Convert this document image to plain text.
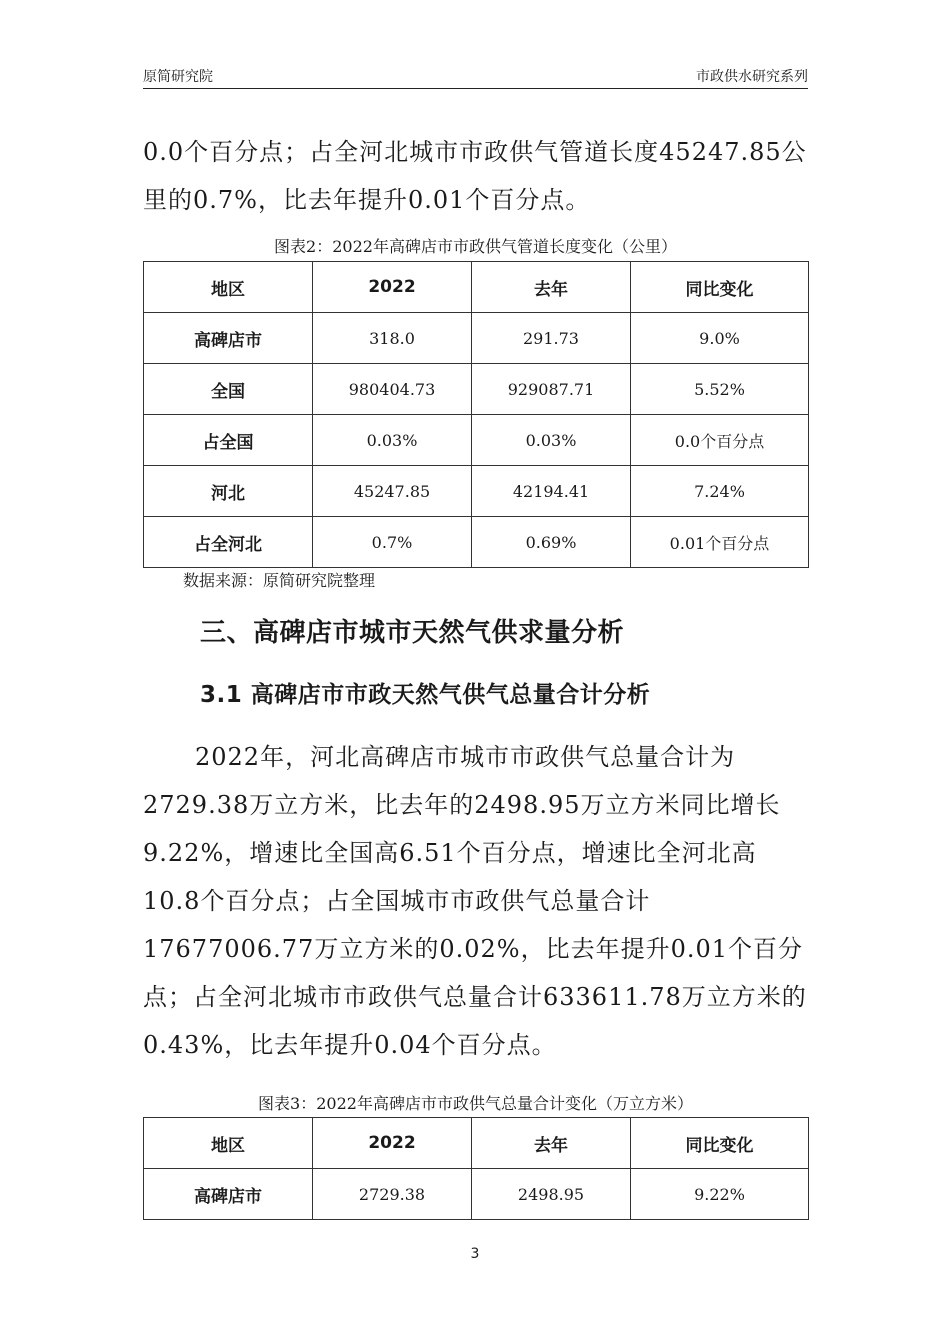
原简研究院	市政供水研究系列

0.0个百分点；占全河北城市市政供气管道长度45247.85公里的0.7%，比去年提升0.01个百分点。

图表2：2022年高碑店市市政供气管道长度变化（公里）
地区	2022	去年	同比变化
高碑店市	318.0	291.73	9.0%
全国	980404.73	929087.71	5.52%
占全国	0.03%	0.03%	0.0个百分点
河北	45247.85	42194.41	7.24%
占全河北	0.7%	0.69%	0.01个百分点
数据来源：原简研究院整理
三、高碑店市城市天然气供求量分析
3.1 高碑店市市政天然气供气总量合计分析

2022年，河北高碑店市城市市政供气总量合计为2729.38万立方米，比去年的2498.95万立方米同比增长9.22%，增速比全国高6.51个百分点，增速比全河北高10.8个百分点；占全国城市市政供气总量合计17677006.77万立方米的0.02%，比去年提升0.01个百分点；占全河北城市市政供气总量合计633611.78万立方米的0.43%，比去年提升0.04个百分点。

图表3：2022年高碑店市市政供气总量合计变化（万立方米）
地区	2022	去年	同比变化
高碑店市	2729.38	2498.95	9.22%
3
